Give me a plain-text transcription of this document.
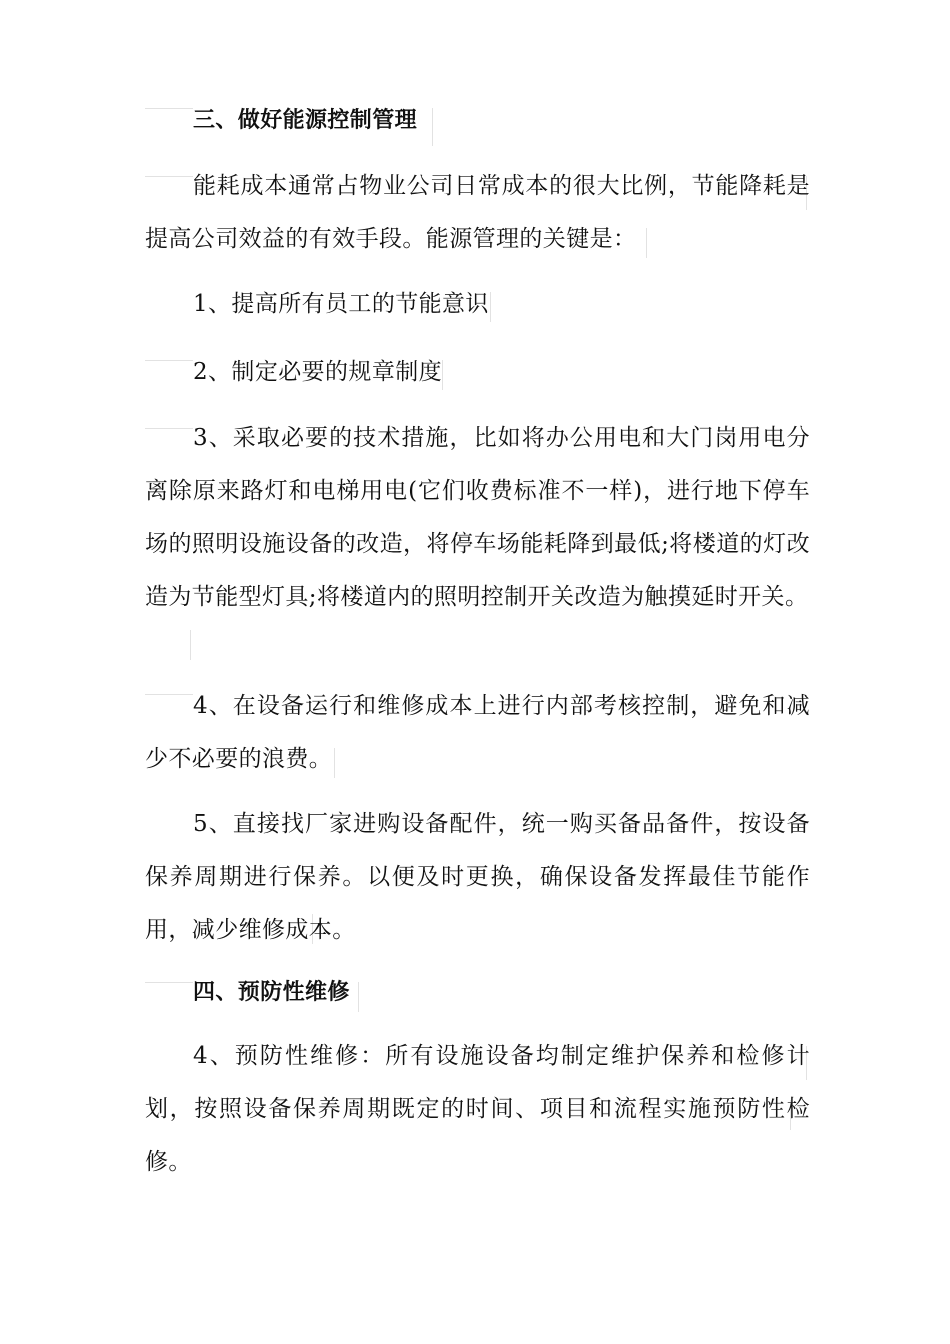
三、做好能源控制管理

能耗成本通常占物业公司日常成本的很大比例，节能降耗是提高公司效益的有效手段。能源管理的关键是：

1、提高所有员工的节能意识

2、制定必要的规章制度

3、采取必要的技术措施，比如将办公用电和大门岗用电分离除原来路灯和电梯用电(它们收费标准不一样)，进行地下停车场的照明设施设备的改造，将停车场能耗降到最低;将楼道的灯改造为节能型灯具;将楼道内的照明控制开关改造为触摸延时开关。

4、在设备运行和维修成本上进行内部考核控制，避免和减少不必要的浪费。

5、直接找厂家进购设备配件，统一购买备品备件，按设备保养周期进行保养。以便及时更换，确保设备发挥最佳节能作用，减少维修成本。

四、预防性维修

4、预防性维修：所有设施设备均制定维护保养和检修计划，按照设备保养周期既定的时间、项目和流程实施预防性检修。
